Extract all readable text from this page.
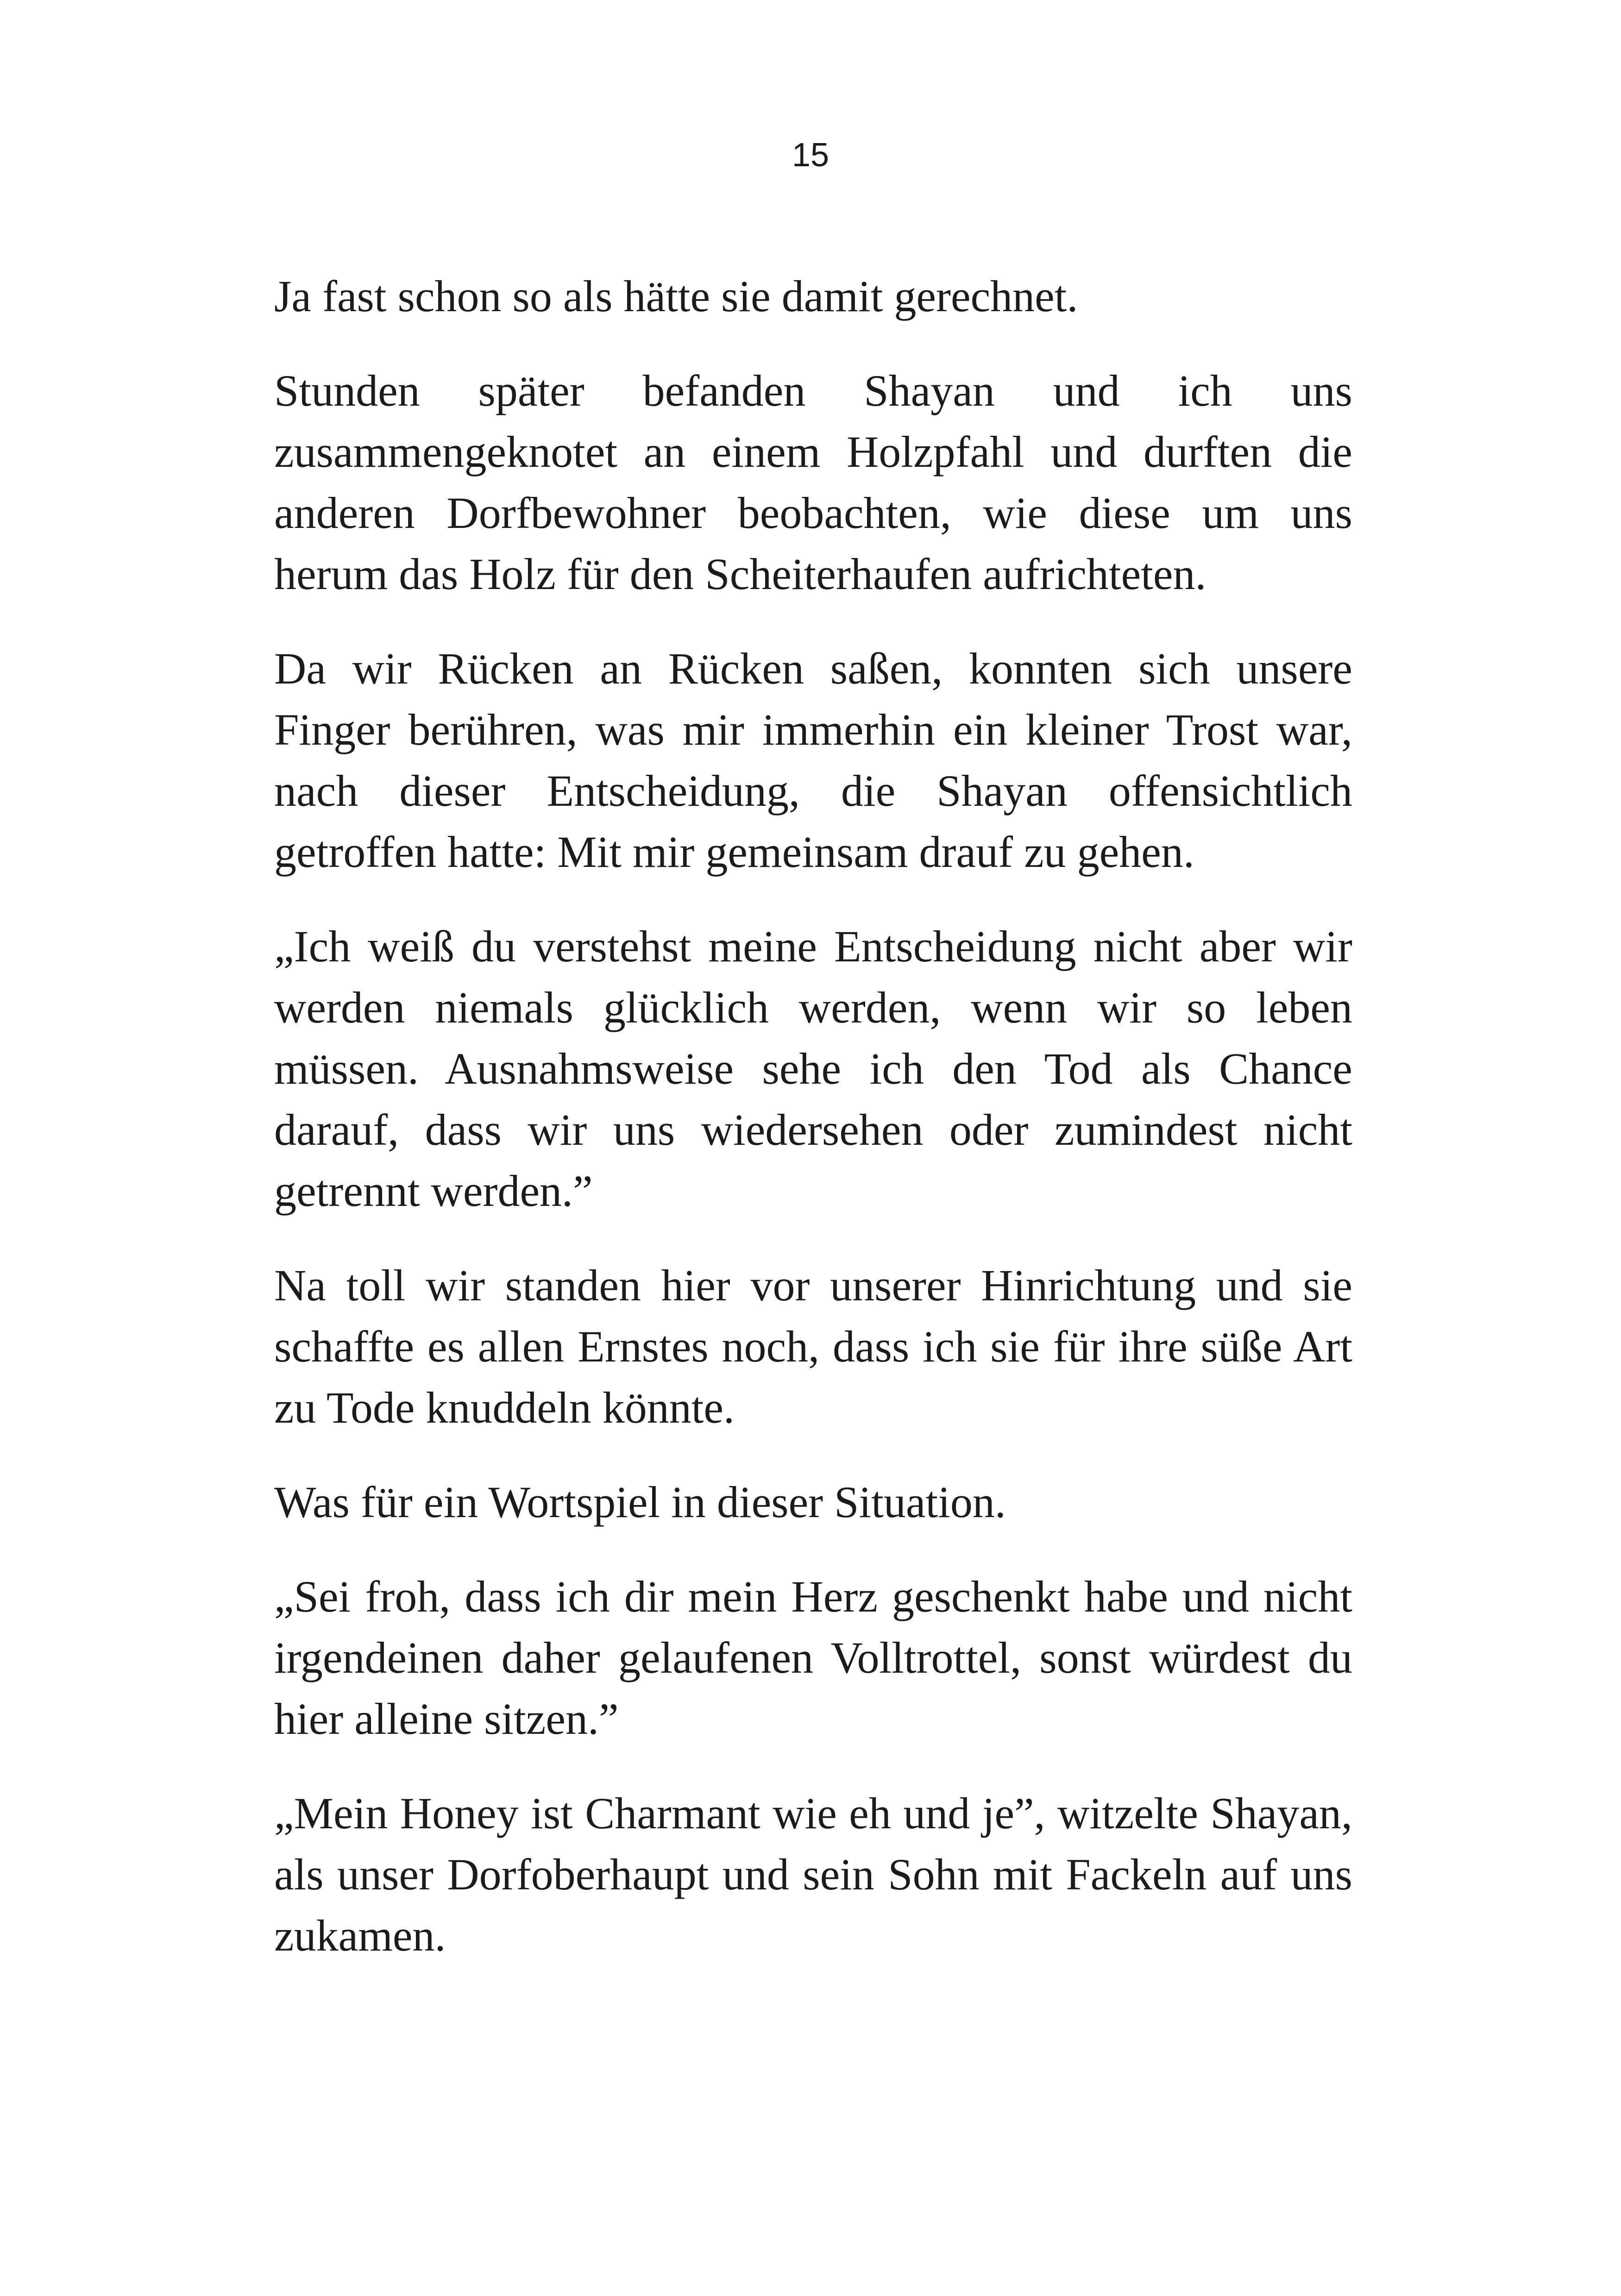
15

Ja fast schon so als hätte sie damit gerechnet.

Stunden später befanden Shayan und ich uns zusammengeknotet an einem Holzpfahl und durften die anderen Dorfbewohner beobachten, wie diese um uns herum das Holz für den Scheiterhaufen aufrichteten.

Da wir Rücken an Rücken saßen, konnten sich unsere Finger berühren, was mir immerhin ein kleiner Trost war, nach dieser Entscheidung, die Shayan offensichtlich getroffen hatte: Mit mir gemeinsam drauf zu gehen.

„Ich weiß du verstehst meine Entscheidung nicht aber wir werden niemals glücklich werden, wenn wir so leben müssen. Ausnahmsweise sehe ich den Tod als Chance darauf, dass wir uns wiedersehen oder zumindest nicht getrennt werden.”

Na toll wir standen hier vor unserer Hinrichtung und sie schaffte es allen Ernstes noch, dass ich sie für ihre süße Art zu Tode knuddeln könnte.

Was für ein Wortspiel in dieser Situation.

„Sei froh, dass ich dir mein Herz geschenkt habe und nicht irgendeinen daher gelaufenen Volltrottel, sonst würdest du hier alleine sitzen.”

„Mein Honey ist Charmant wie eh und je”, witzelte Shayan, als unser Dorfoberhaupt und sein Sohn mit Fackeln auf uns zukamen.
